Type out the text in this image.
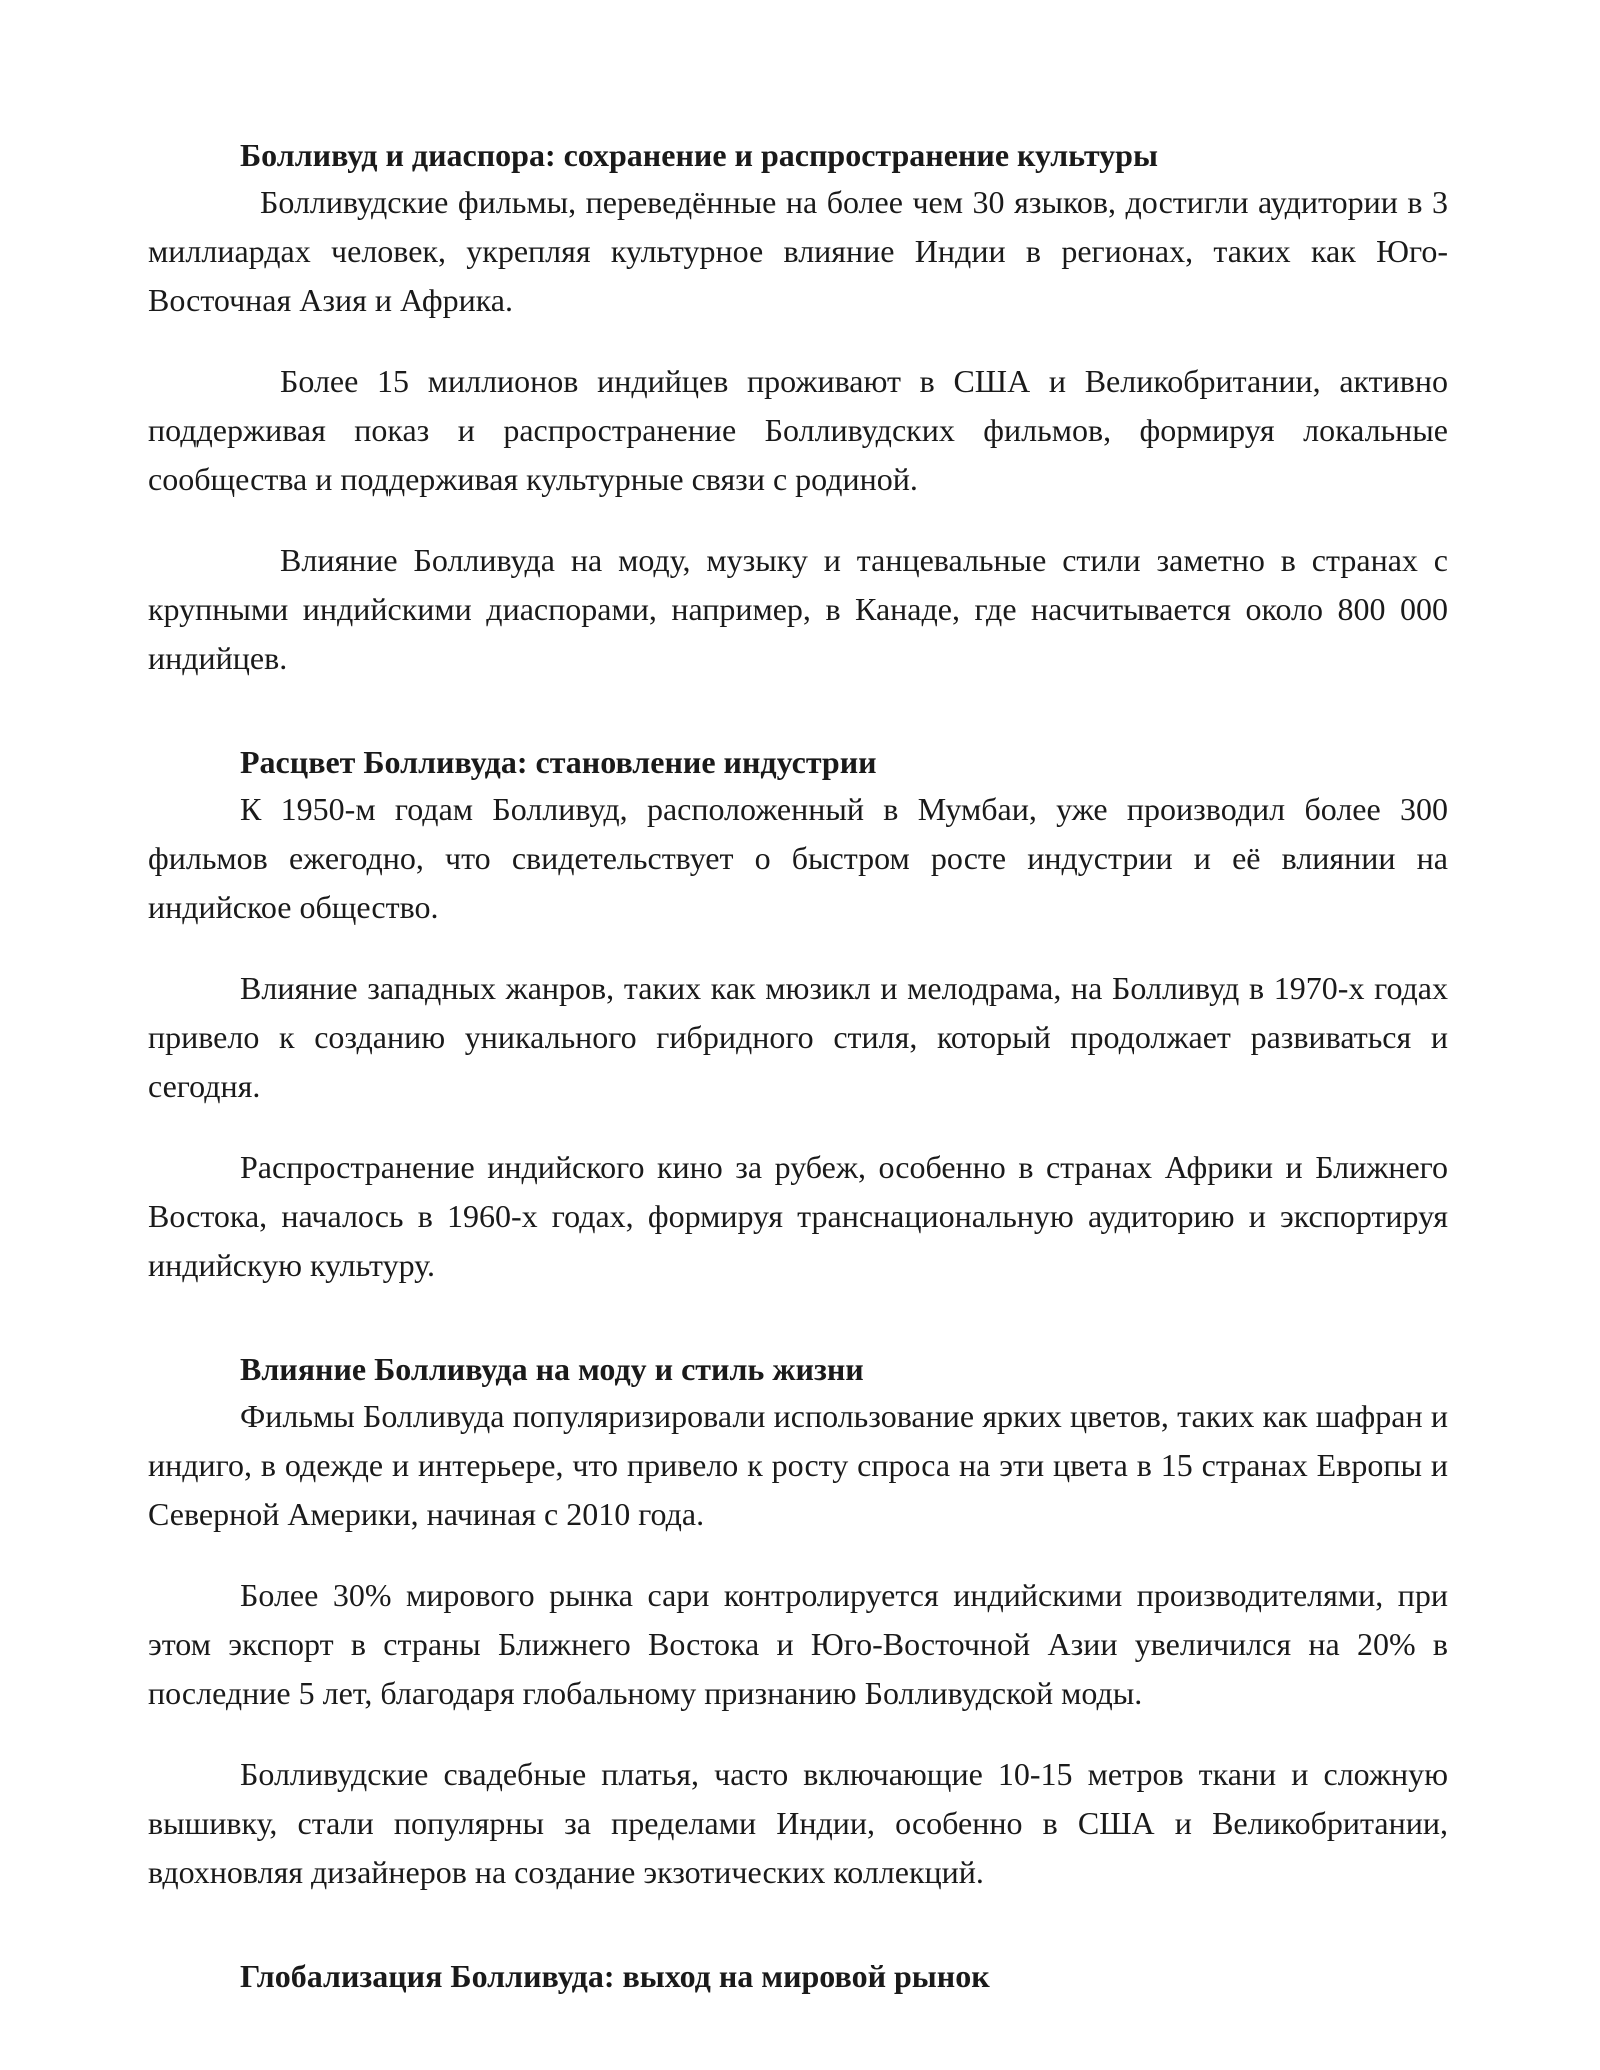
Болливуд и диаспора: сохранение и распространение культуры

Болливудские фильмы, переведённые на более чем 30 языков, достигли аудитории в 3 миллиардах человек, укрепляя культурное влияние Индии в регионах, таких как Юго-Восточная Азия и Африка.

Более 15 миллионов индийцев проживают в США и Великобритании, активно поддерживая показ и распространение Болливудских фильмов, формируя локальные сообщества и поддерживая культурные связи с родиной.

Влияние Болливуда на моду, музыку и танцевальные стили заметно в странах с крупными индийскими диаспорами, например, в Канаде, где насчитывается около 800 000 индийцев.

Расцвет Болливуда: становление индустрии

К 1950-м годам Болливуд, расположенный в Мумбаи, уже производил более 300 фильмов ежегодно, что свидетельствует о быстром росте индустрии и её влиянии на индийское общество.

Влияние западных жанров, таких как мюзикл и мелодрама, на Болливуд в 1970-х годах привело к созданию уникального гибридного стиля, который продолжает развиваться и сегодня.

Распространение индийского кино за рубеж, особенно в странах Африки и Ближнего Востока, началось в 1960-х годах, формируя транснациональную аудиторию и экспортируя индийскую культуру.

Влияние Болливуда на моду и стиль жизни

Фильмы Болливуда популяризировали использование ярких цветов, таких как шафран и индиго, в одежде и интерьере, что привело к росту спроса на эти цвета в 15 странах Европы и Северной Америки, начиная с 2010 года.

Более 30% мирового рынка сари контролируется индийскими производителями, при этом экспорт в страны Ближнего Востока и Юго-Восточной Азии увеличился на 20% в последние 5 лет, благодаря глобальному признанию Болливудской моды.

Болливудские свадебные платья, часто включающие 10-15 метров ткани и сложную вышивку, стали популярны за пределами Индии, особенно в США и Великобритании, вдохновляя дизайнеров на создание экзотических коллекций.

Глобализация Болливуда: выход на мировой рынок
